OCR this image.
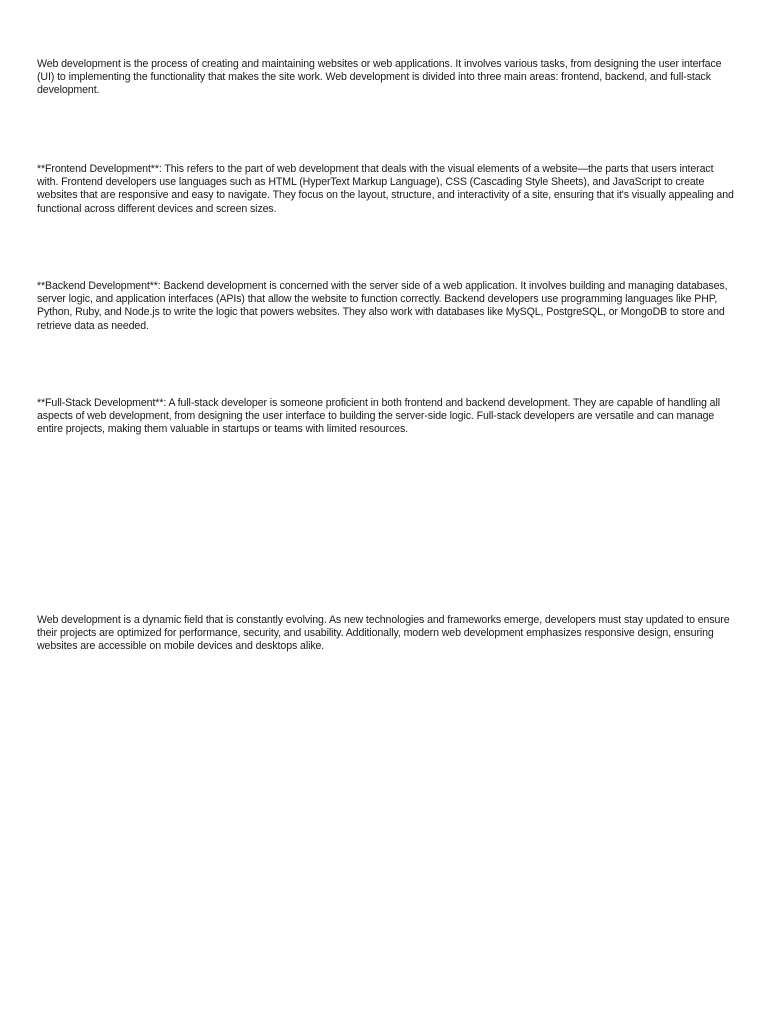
Web development is the process of creating and maintaining websites or web applications. It involves various tasks, from designing the user interface (UI) to implementing the functionality that makes the site work. Web development is divided into three main areas: frontend, backend, and full-stack development.

**Frontend Development**: This refers to the part of web development that deals with the visual elements of a website—the parts that users interact with. Frontend developers use languages such as HTML (HyperText Markup Language), CSS (Cascading Style Sheets), and JavaScript to create websites that are responsive and easy to navigate. They focus on the layout, structure, and interactivity of a site, ensuring that it's visually appealing and functional across different devices and screen sizes.

**Backend Development**: Backend development is concerned with the server side of a web application. It involves building and managing databases, server logic, and application interfaces (APIs) that allow the website to function correctly. Backend developers use programming languages like PHP, Python, Ruby, and Node.js to write the logic that powers websites. They also work with databases like MySQL, PostgreSQL, or MongoDB to store and retrieve data as needed.

**Full-Stack Development**: A full-stack developer is someone proficient in both frontend and backend development. They are capable of handling all aspects of web development, from designing the user interface to building the server-side logic. Full-stack developers are versatile and can manage entire projects, making them valuable in startups or teams with limited resources.

Web development is a dynamic field that is constantly evolving. As new technologies and frameworks emerge, developers must stay updated to ensure their projects are optimized for performance, security, and usability. Additionally, modern web development emphasizes responsive design, ensuring websites are accessible on mobile devices and desktops alike.
